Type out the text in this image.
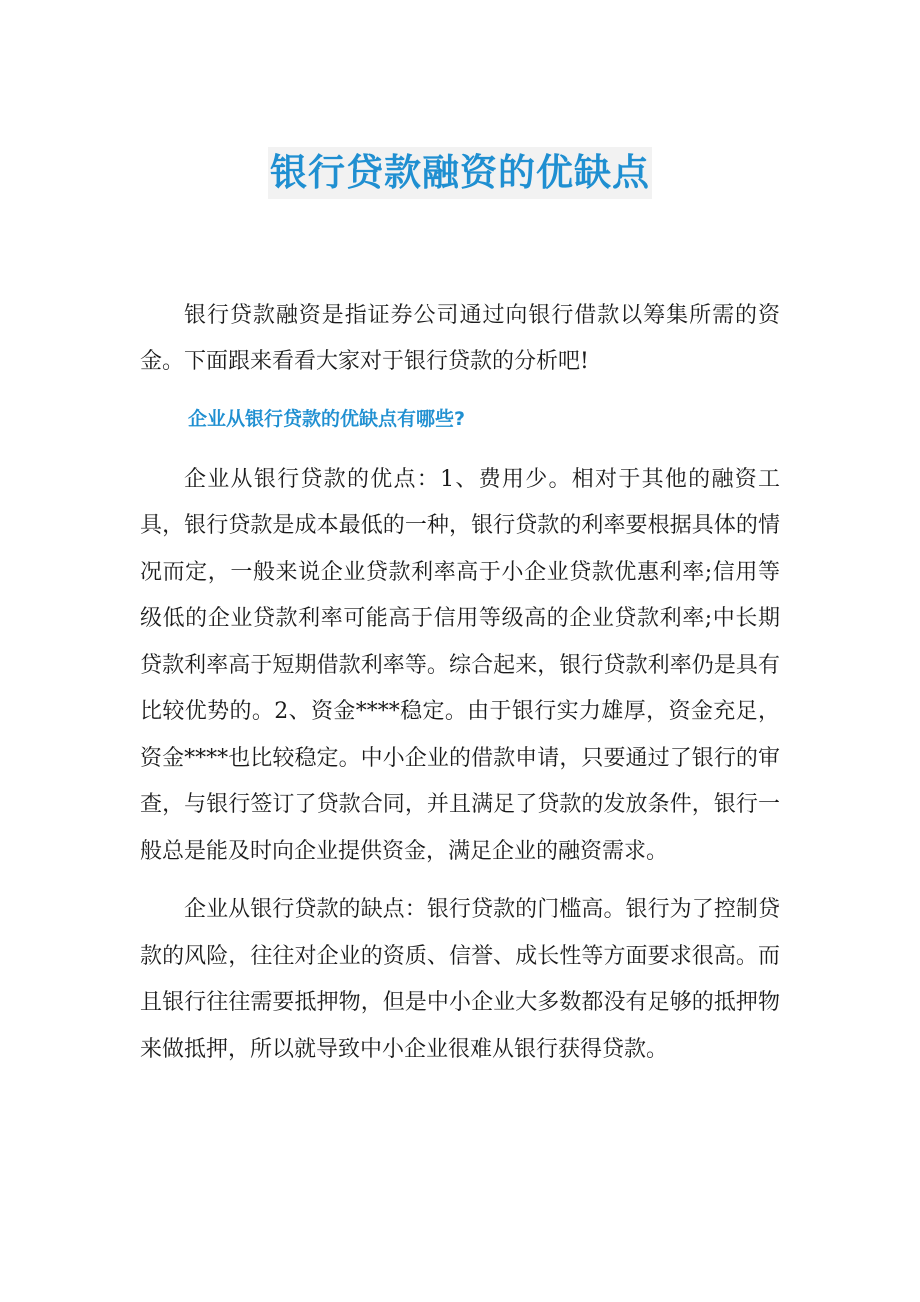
银行贷款融资的优缺点

银行贷款融资是指证券公司通过向银行借款以筹集所需的资金。下面跟来看看大家对于银行贷款的分析吧!

企业从银行贷款的优缺点有哪些?

企业从银行贷款的优点：1、费用少。相对于其他的融资工具，银行贷款是成本最低的一种，银行贷款的利率要根据具体的情况而定，一般来说企业贷款利率高于小企业贷款优惠利率;信用等级低的企业贷款利率可能高于信用等级高的企业贷款利率;中长期贷款利率高于短期借款利率等。综合起来，银行贷款利率仍是具有比较优势的。2、资金****稳定。由于银行实力雄厚，资金充足，资金****也比较稳定。中小企业的借款申请，只要通过了银行的审查，与银行签订了贷款合同，并且满足了贷款的发放条件，银行一般总是能及时向企业提供资金，满足企业的融资需求。

企业从银行贷款的缺点：银行贷款的门槛高。银行为了控制贷款的风险，往往对企业的资质、信誉、成长性等方面要求很高。而且银行往往需要抵押物，但是中小企业大多数都没有足够的抵押物来做抵押，所以就导致中小企业很难从银行获得贷款。
